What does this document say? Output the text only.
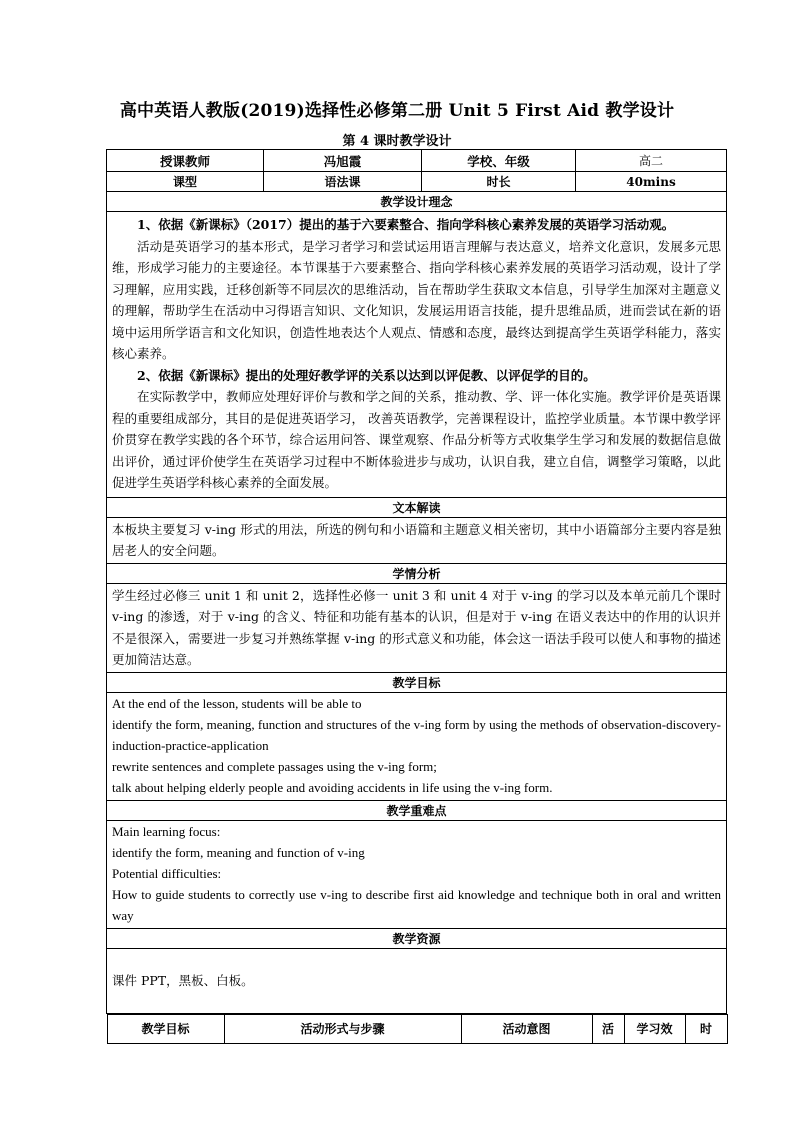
高中英语人教版(2019)选择性必修第二册 Unit 5 First Aid 教学设计
第 4 课时教学设计
授课教师	冯旭霞	学校、年级	高二
课型	语法课	时长	40mins
教学设计理念

1、依据《新课标》（2017）提出的基于六要素整合、指向学科核心素养发展的英语学习活动观。

活动是英语学习的基本形式，是学习者学习和尝试运用语言理解与表达意义，培养文化意识，发展多元思维，形成学习能力的主要途径。本节课基于六要素整合、指向学科核心素养发展的英语学习活动观，设计了学习理解，应用实践，迁移创新等不同层次的思维活动，旨在帮助学生获取文本信息，引导学生加深对主题意义的理解，帮助学生在活动中习得语言知识、文化知识，发展运用语言技能，提升思维品质，进而尝试在新的语境中运用所学语言和文化知识，创造性地表达个人观点、情感和态度，最终达到提高学生英语学科能力，落实核心素养。

2、依据《新课标》提出的处理好教学评的关系以达到以评促教、以评促学的目的。

在实际教学中，教师应处理好评价与教和学之间的关系，推动教、学、评一体化实施。教学评价是英语课程的重要组成部分，其目的是促进英语学习， 改善英语教学，完善课程设计，监控学业质量。本节课中教学评价贯穿在教学实践的各个环节，综合运用问答、课堂观察、作品分析等方式收集学生学习和发展的数据信息做出评价，通过评价使学生在英语学习过程中不断体验进步与成功，认识自我，建立自信，调整学习策略，以此促进学生英语学科核心素养的全面发展。

文本解读
本板块主要复习 v-ing 形式的用法，所选的例句和小语篇和主题意义相关密切，其中小语篇部分主要内容是独居老人的安全问题。
学情分析
学生经过必修三 unit 1 和 unit 2，选择性必修一 unit 3 和 unit 4 对于 v-ing 的学习以及本单元前几个课时 v-ing 的渗透，对于 v-ing 的含义、特征和功能有基本的认识，但是对于 v-ing 在语义表达中的作用的认识并不是很深入，需要进一步复习并熟练掌握 v-ing 的形式意义和功能，体会这一语法手段可以使人和事物的描述更加简洁达意。
教学目标

At the end of the lesson, students will be able to

identify the form, meaning, function and structures of the v-ing form by using the methods of observation-discovery-induction-practice-application

rewrite sentences and complete passages using the v-ing form;

talk about helping elderly people and avoiding accidents in life using the v-ing form.

教学重难点

Main learning focus:

identify the form, meaning and function of v-ing

Potential difficulties:

How to guide students to correctly use v-ing to describe first aid knowledge and technique both in oral and written way

教学资源
课件 PPT，黑板、白板。

教学目标	活动形式与步骤	活动意图	活	学习效	时
